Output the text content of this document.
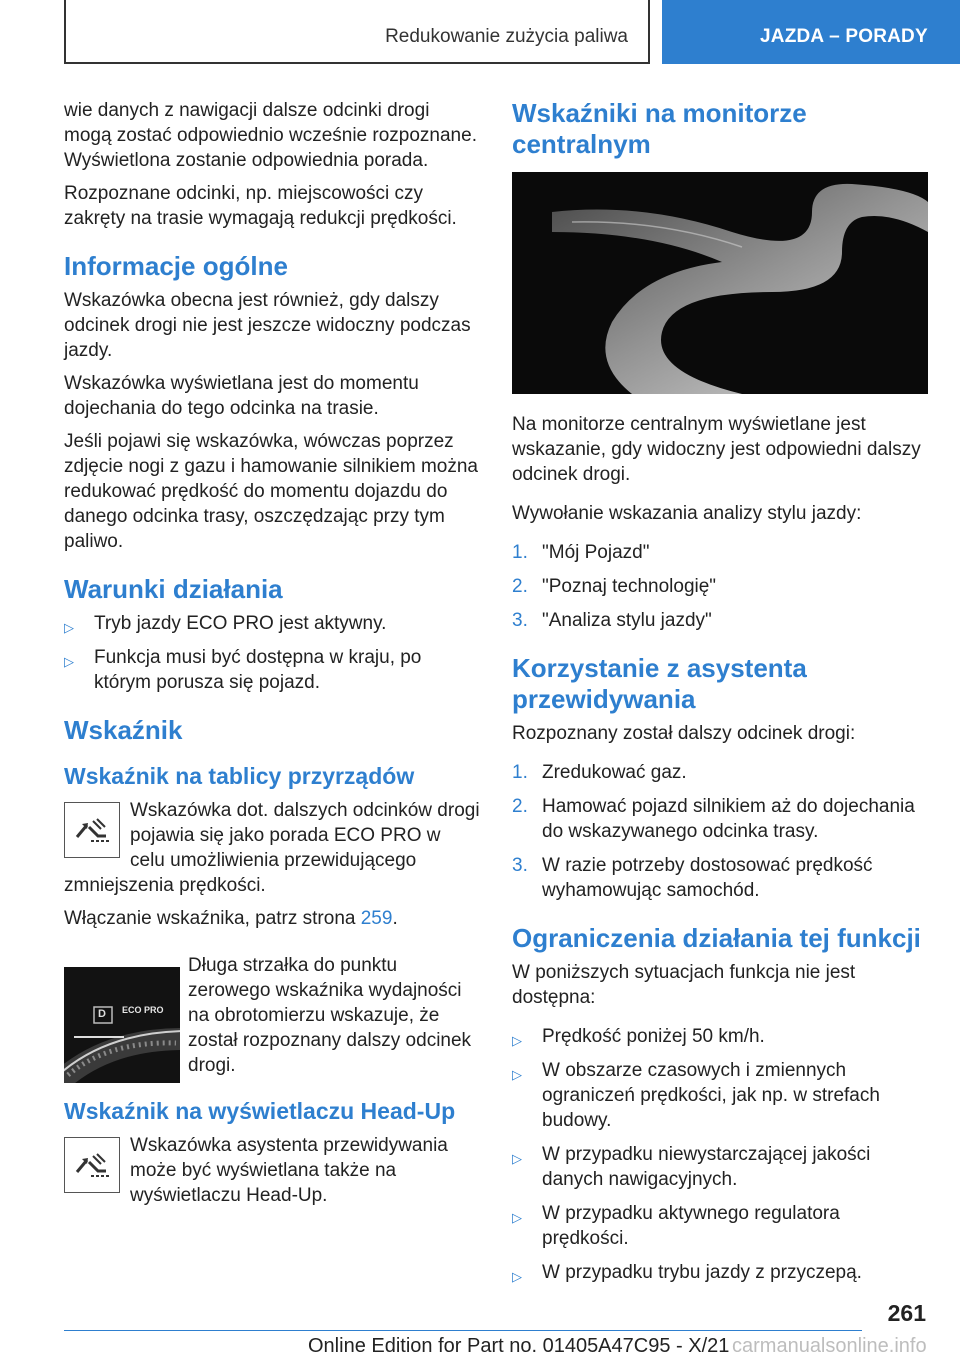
Redukowanie zużycia paliwa	JAZDA – PORADY

wie danych z nawigacji dalsze odcinki drogi mogą zostać odpowiednio wcześnie rozpoznane. Wyświetlona zostanie odpowiednia porada.

Rozpoznane odcinki, np. miejscowości czy zakręty na trasie wymagają redukcji prędkości.

Informacje ogólne

Wskazówka obecna jest również, gdy dalszy odcinek drogi nie jest jeszcze widoczny podczas jazdy.

Wskazówka wyświetlana jest do momentu dojechania do tego odcinka na trasie.

Jeśli pojawi się wskazówka, wówczas poprzez zdjęcie nogi z gazu i hamowanie silnikiem można redukować prędkość do momentu dojazdu do danego odcinka trasy, oszczędzając przy tym paliwo.

Warunki działania
▷ Tryb jazdy ECO PRO jest aktywny.
▷ Funkcja musi być dostępna w kraju, po którym porusza się pojazd.
Wskaźnik
Wskaźnik na tablicy przyrządów

Wskazówka dot. dalszych odcinków drogi pojawia się jako porada ECO PRO w celu umożliwienia przewidującego zmniejszenia prędkości.

Włączanie wskaźnika, patrz strona 259.

D ECO PRO
Długa strzałka do punktu zerowego wskaźnika wydajności na obrotomierzu wskazuje, że został rozpoznany dalszy odcinek drogi.
Wskaźnik na wyświetlaczu Head-Up

Wskazówka asystenta przewidywania może być wyświetlana także na wyświetlaczu Head-Up.

Wskaźniki na monitorze centralnym

Na monitorze centralnym wyświetlane jest wskazanie, gdy widoczny jest odpowiedni dalszy odcinek drogi.

Wywołanie wskazania analizy stylu jazdy:

1. "Mój Pojazd"
2. "Poznaj technologię"
3. "Analiza stylu jazdy"
Korzystanie z asystenta przewidywania

Rozpoznany został dalszy odcinek drogi:

1. Zredukować gaz.
2. Hamować pojazd silnikiem aż do dojechania do wskazywanego odcinka trasy.
3. W razie potrzeby dostosować prędkość wyhamowując samochód.
Ograniczenia działania tej funkcji

W poniższych sytuacjach funkcja nie jest dostępna:

▷ Prędkość poniżej 50 km/h.
▷ W obszarze czasowych i zmiennych ograniczeń prędkości, jak np. w strefach budowy.
▷ W przypadku niewystarczającej jakości danych nawigacyjnych.
▷ W przypadku aktywnego regulatora prędkości.
▷ W przypadku trybu jazdy z przyczepą.
261
Online Edition for Part no. 01405A47C95 - X/21 carmanualsonline.info
